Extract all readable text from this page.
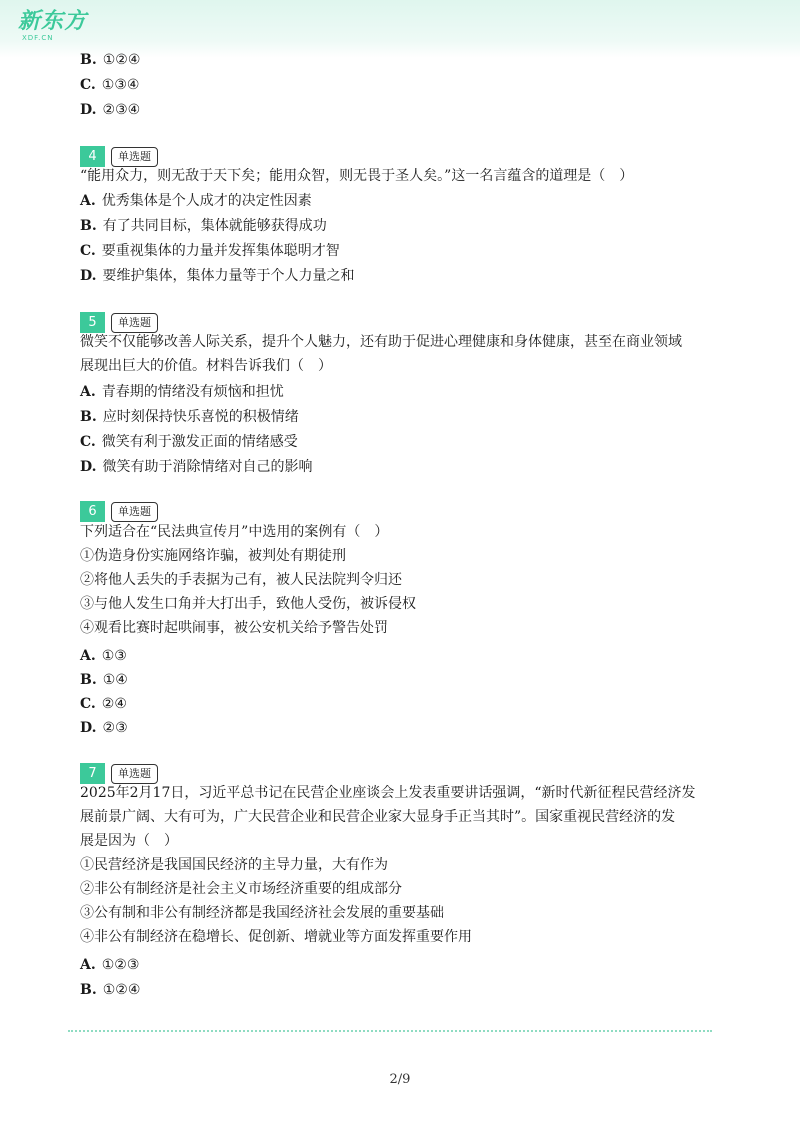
新东方
XDF.CN
B. ①②④
C. ①③④
D. ②③④
4 单选题
“能用众力，则无敌于天下矣；能用众智，则无畏于圣人矣。”这一名言蕴含的道理是（　）
A. 优秀集体是个人成才的决定性因素
B. 有了共同目标，集体就能够获得成功
C. 要重视集体的力量并发挥集体聪明才智
D. 要维护集体，集体力量等于个人力量之和
5 单选题
微笑不仅能够改善人际关系，提升个人魅力，还有助于促进心理健康和身体健康，甚至在商业领域
展现出巨大的价值。材料告诉我们（　）
A. 青春期的情绪没有烦恼和担忧
B. 应时刻保持快乐喜悦的积极情绪
C. 微笑有利于激发正面的情绪感受
D. 微笑有助于消除情绪对自己的影响
6 单选题
下列适合在“民法典宣传月”中选用的案例有（　）
①伪造身份实施网络诈骗，被判处有期徒刑
②将他人丢失的手表据为己有，被人民法院判令归还
③与他人发生口角并大打出手，致他人受伤，被诉侵权
④观看比赛时起哄闹事，被公安机关给予警告处罚
A. ①③
B. ①④
C. ②④
D. ②③
7 单选题
2025年2月17日，习近平总书记在民营企业座谈会上发表重要讲话强调，“新时代新征程民营经济发
展前景广阔、大有可为，广大民营企业和民营企业家大显身手正当其时”。国家重视民营经济的发
展是因为（　）
①民营经济是我国国民经济的主导力量，大有作为
②非公有制经济是社会主义市场经济重要的组成部分
③公有制和非公有制经济都是我国经济社会发展的重要基础
④非公有制经济在稳增长、促创新、增就业等方面发挥重要作用
A. ①②③
B. ①②④
2/9
